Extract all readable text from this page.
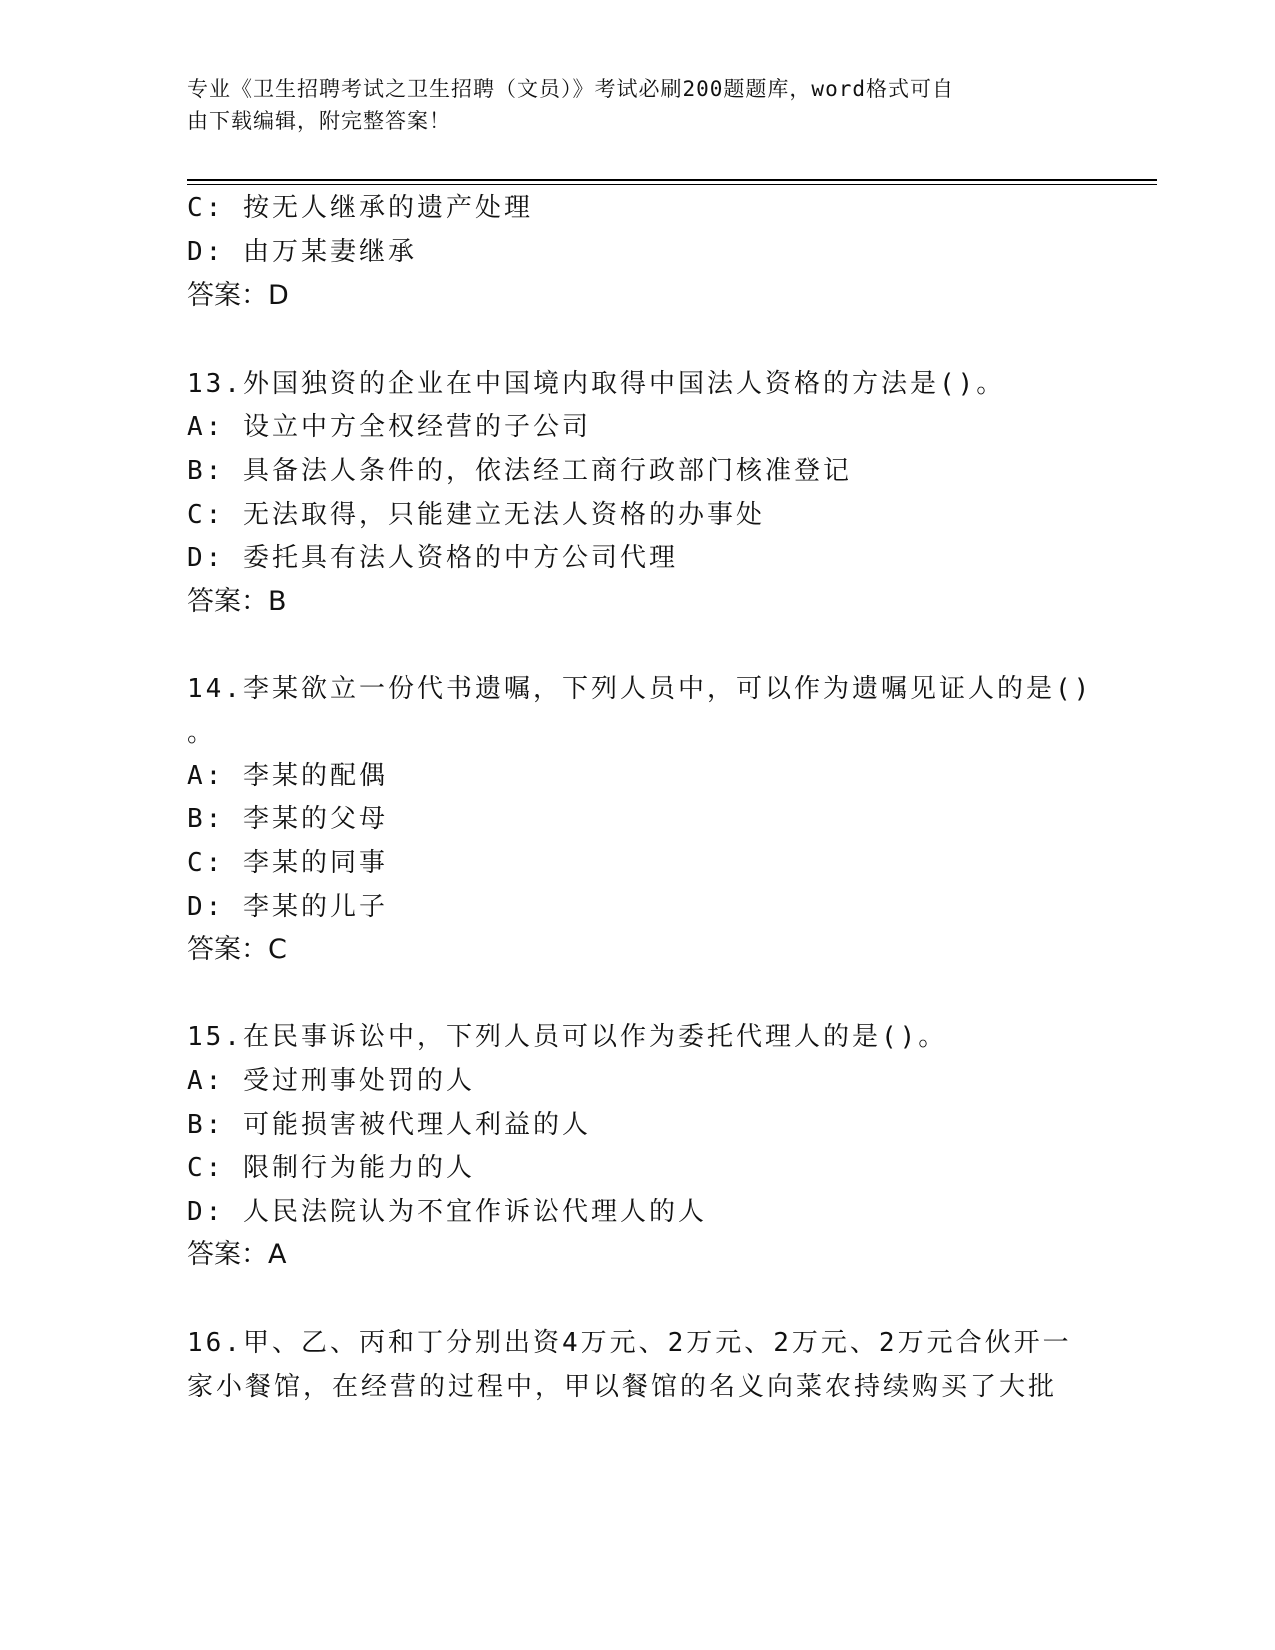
专业《卫生招聘考试之卫生招聘（文员）》考试必刷200题题库，word格式可自
由下载编辑，附完整答案！
C: 按无人继承的遗产处理
D: 由万某妻继承
答案：D
13.外国独资的企业在中国境内取得中国法人资格的方法是()。
A: 设立中方全权经营的子公司
B: 具备法人条件的，依法经工商行政部门核准登记
C: 无法取得，只能建立无法人资格的办事处
D: 委托具有法人资格的中方公司代理
答案：B
14.李某欲立一份代书遗嘱，下列人员中，可以作为遗嘱见证人的是()
。
A: 李某的配偶
B: 李某的父母
C: 李某的同事
D: 李某的儿子
答案：C
15.在民事诉讼中，下列人员可以作为委托代理人的是()。
A: 受过刑事处罚的人
B: 可能损害被代理人利益的人
C: 限制行为能力的人
D: 人民法院认为不宜作诉讼代理人的人
答案：A
16.甲、乙、丙和丁分别出资4万元、2万元、2万元、2万元合伙开一
家小餐馆，在经营的过程中，甲以餐馆的名义向菜农持续购买了大批
